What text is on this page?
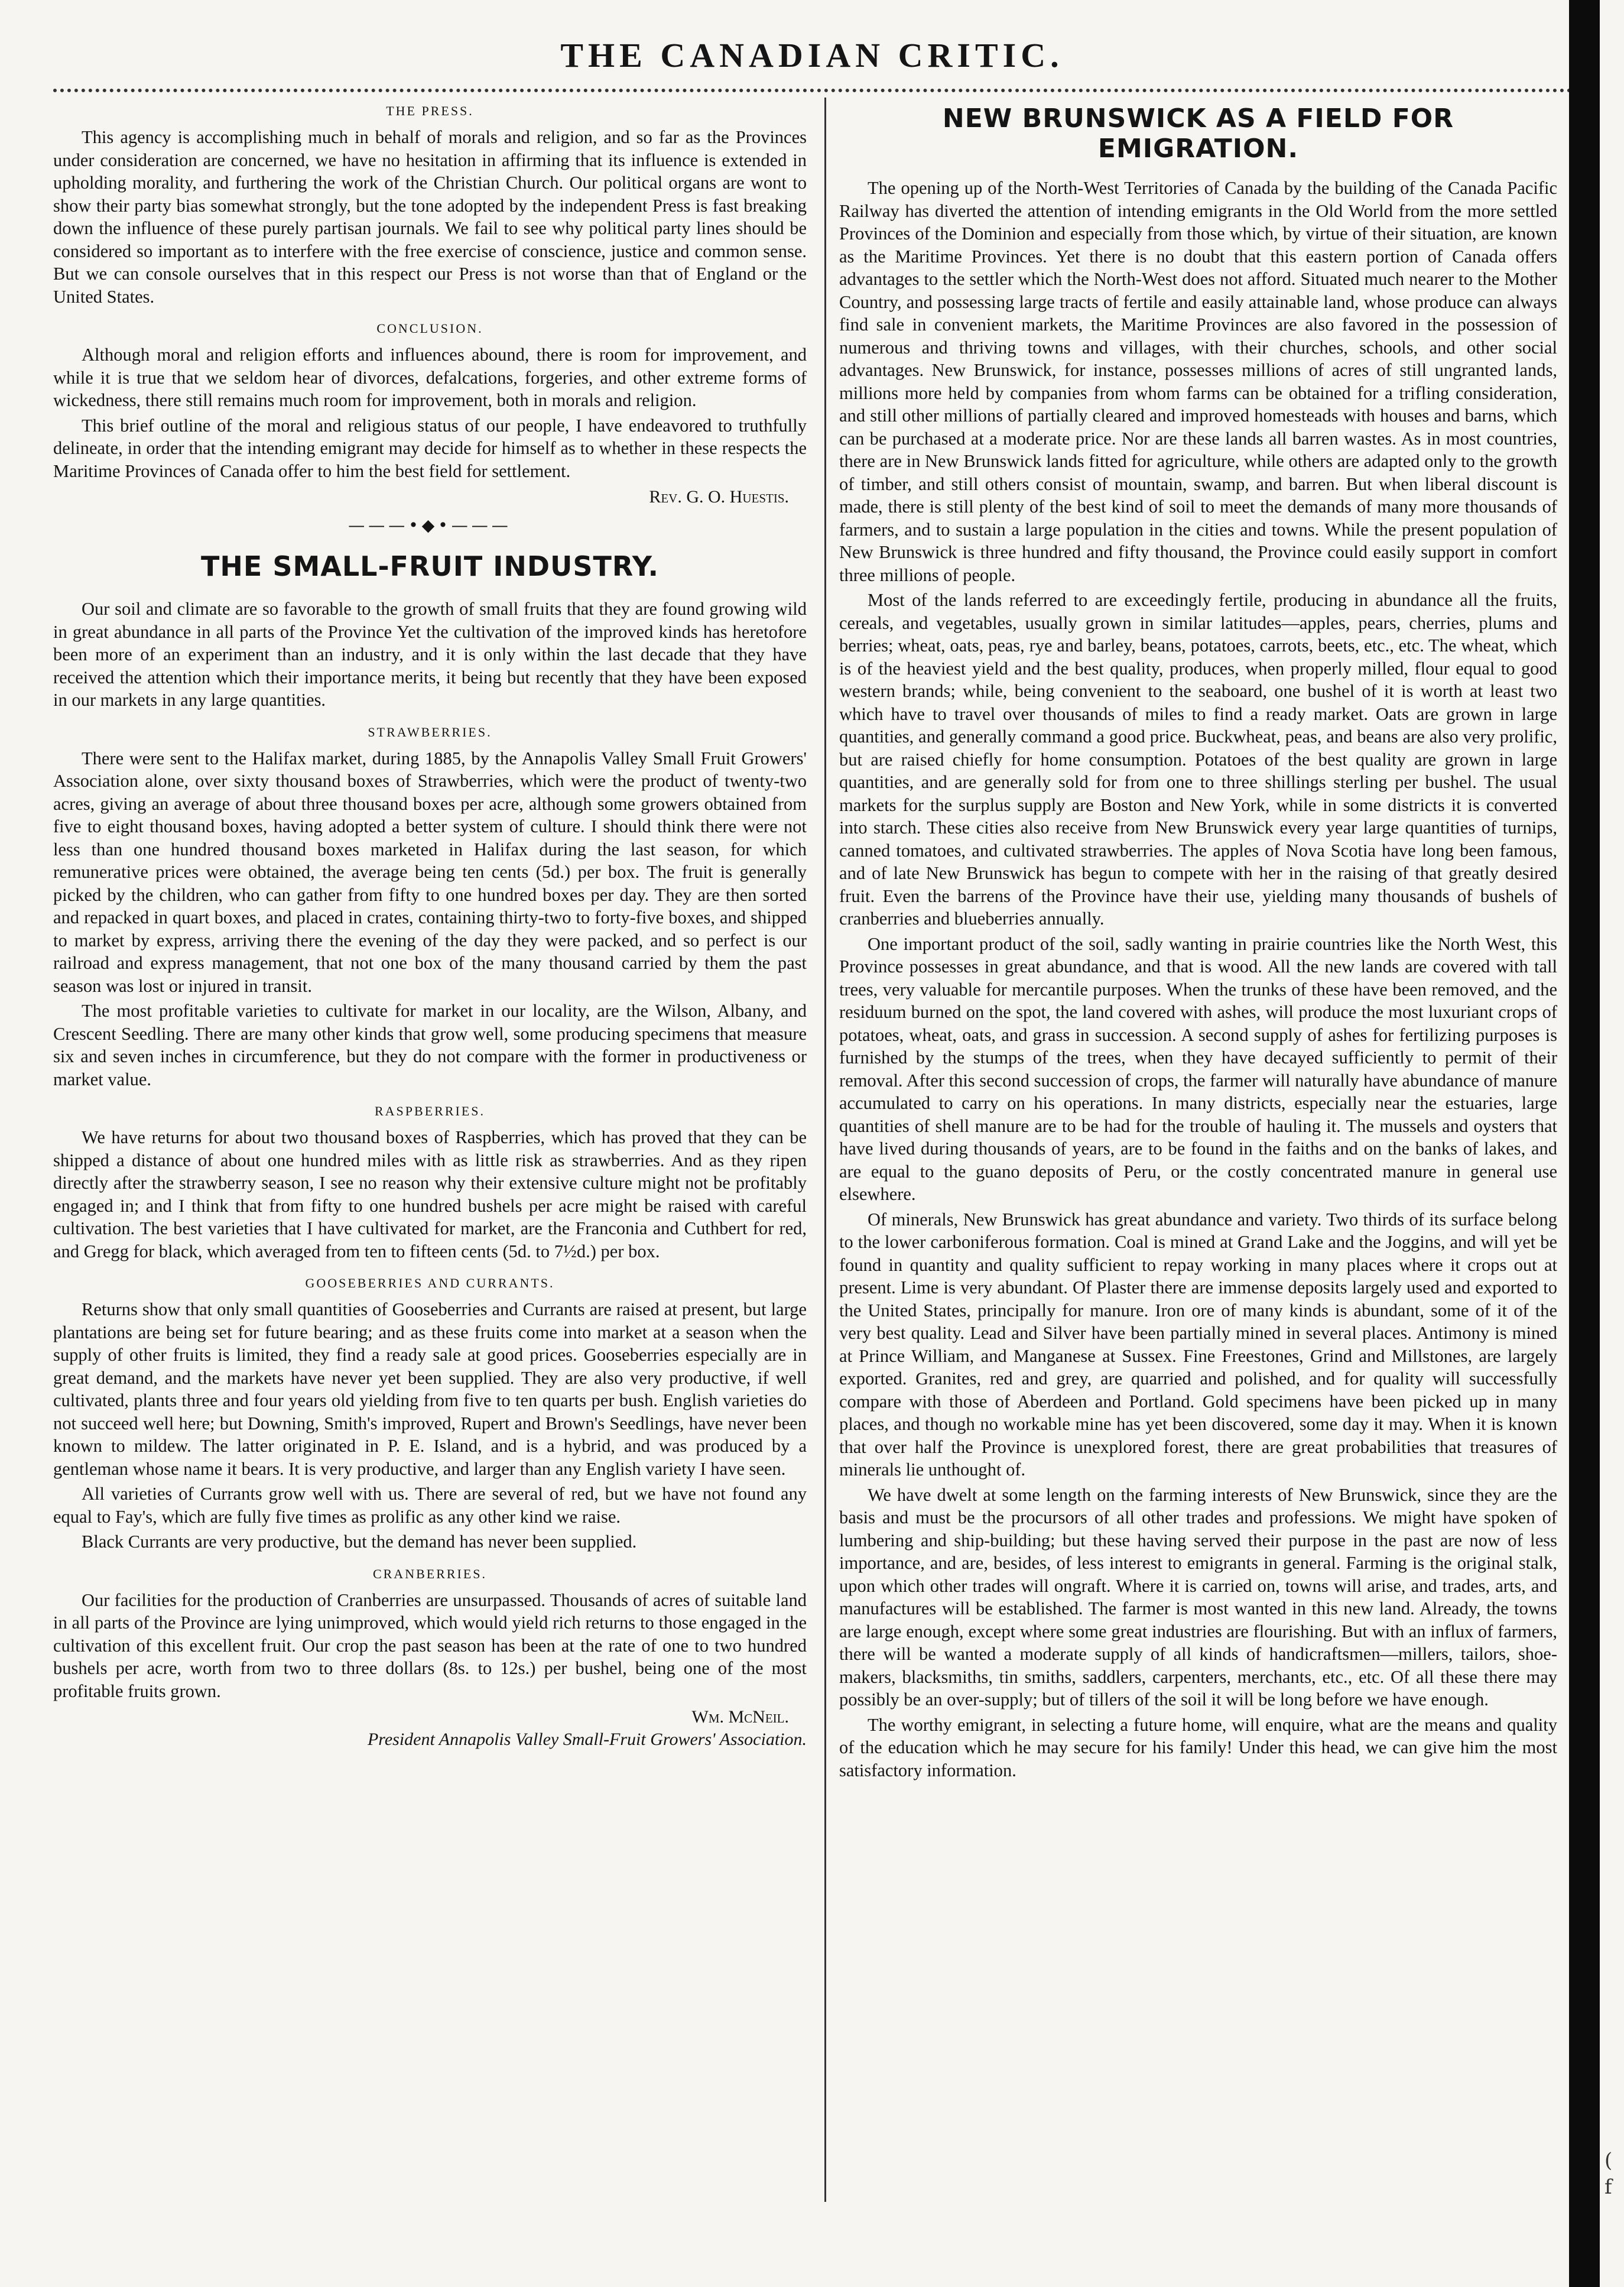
THE CANADIAN CRITIC.
(
f
THE PRESS.

This agency is accomplishing much in behalf of morals and religion, and so far as the Provinces under consideration are concerned, we have no hesitation in affirming that its influence is extended in upholding morality, and furthering the work of the Christian Church. Our political organs are wont to show their party bias somewhat strongly, but the tone adopted by the independent Press is fast breaking down the influence of these purely partisan journals. We fail to see why political party lines should be considered so important as to interfere with the free exercise of conscience, justice and common sense. But we can console ourselves that in this respect our Press is not worse than that of England or the United States.

CONCLUSION.

Although moral and religion efforts and influences abound, there is room for improvement, and while it is true that we seldom hear of divorces, defalcations, forgeries, and other extreme forms of wickedness, there still remains much room for improvement, both in morals and religion.

This brief outline of the moral and religious status of our people, I have endeavored to truthfully delineate, in order that the intending emigrant may decide for himself as to whether in these respects the Maritime Provinces of Canada offer to him the best field for settlement.

Rev. G. O. Huestis.
———•◆•———
THE SMALL-FRUIT INDUSTRY.

Our soil and climate are so favorable to the growth of small fruits that they are found growing wild in great abundance in all parts of the Province Yet the cultivation of the improved kinds has heretofore been more of an experiment than an industry, and it is only within the last decade that they have received the attention which their importance merits, it being but recently that they have been exposed in our markets in any large quantities.

STRAWBERRIES.

There were sent to the Halifax market, during 1885, by the Annapolis Valley Small Fruit Growers' Association alone, over sixty thousand boxes of Strawberries, which were the product of twenty-two acres, giving an average of about three thousand boxes per acre, although some growers obtained from five to eight thousand boxes, having adopted a better system of culture. I should think there were not less than one hundred thousand boxes marketed in Halifax during the last season, for which remunerative prices were obtained, the average being ten cents (5d.) per box. The fruit is generally picked by the children, who can gather from fifty to one hundred boxes per day. They are then sorted and repacked in quart boxes, and placed in crates, containing thirty-two to forty-five boxes, and shipped to market by express, arriving there the evening of the day they were packed, and so perfect is our railroad and express management, that not one box of the many thousand carried by them the past season was lost or injured in transit.

The most profitable varieties to cultivate for market in our locality, are the Wilson, Albany, and Crescent Seedling. There are many other kinds that grow well, some producing specimens that measure six and seven inches in circumference, but they do not compare with the former in productiveness or market value.

RASPBERRIES.

We have returns for about two thousand boxes of Raspberries, which has proved that they can be shipped a distance of about one hundred miles with as little risk as strawberries. And as they ripen directly after the strawberry season, I see no reason why their extensive culture might not be profitably engaged in; and I think that from fifty to one hundred bushels per acre might be raised with careful cultivation. The best varieties that I have cultivated for market, are the Franconia and Cuthbert for red, and Gregg for black, which averaged from ten to fifteen cents (5d. to 7½d.) per box.

GOOSEBERRIES AND CURRANTS.

Returns show that only small quantities of Gooseberries and Currants are raised at present, but large plantations are being set for future bearing; and as these fruits come into market at a season when the supply of other fruits is limited, they find a ready sale at good prices. Gooseberries especially are in great demand, and the markets have never yet been supplied. They are also very productive, if well cultivated, plants three and four years old yielding from five to ten quarts per bush. English varieties do not succeed well here; but Downing, Smith's improved, Rupert and Brown's Seedlings, have never been known to mildew. The latter originated in P. E. Island, and is a hybrid, and was produced by a gentleman whose name it bears. It is very productive, and larger than any English variety I have seen.

All varieties of Currants grow well with us. There are several of red, but we have not found any equal to Fay's, which are fully five times as prolific as any other kind we raise.

Black Currants are very productive, but the demand has never been supplied.

CRANBERRIES.

Our facilities for the production of Cranberries are unsurpassed. Thousands of acres of suitable land in all parts of the Province are lying unimproved, which would yield rich returns to those engaged in the cultivation of this excellent fruit. Our crop the past season has been at the rate of one to two hundred bushels per acre, worth from two to three dollars (8s. to 12s.) per bushel, being one of the most profitable fruits grown.

Wm. McNeil.
President Annapolis Valley Small-Fruit Growers' Association.
NEW BRUNSWICK AS A FIELD FOR EMIGRATION.

The opening up of the North-West Territories of Canada by the building of the Canada Pacific Railway has diverted the attention of intending emigrants in the Old World from the more settled Provinces of the Dominion and especially from those which, by virtue of their situation, are known as the Maritime Provinces. Yet there is no doubt that this eastern portion of Canada offers advantages to the settler which the North-West does not afford. Situated much nearer to the Mother Country, and possessing large tracts of fertile and easily attainable land, whose produce can always find sale in convenient markets, the Maritime Provinces are also favored in the possession of numerous and thriving towns and villages, with their churches, schools, and other social advantages. New Brunswick, for instance, possesses millions of acres of still ungranted lands, millions more held by companies from whom farms can be obtained for a trifling consideration, and still other millions of partially cleared and improved homesteads with houses and barns, which can be purchased at a moderate price. Nor are these lands all barren wastes. As in most countries, there are in New Brunswick lands fitted for agriculture, while others are adapted only to the growth of timber, and still others consist of mountain, swamp, and barren. But when liberal discount is made, there is still plenty of the best kind of soil to meet the demands of many more thousands of farmers, and to sustain a large population in the cities and towns. While the present population of New Brunswick is three hundred and fifty thousand, the Province could easily support in comfort three millions of people.

Most of the lands referred to are exceedingly fertile, producing in abundance all the fruits, cereals, and vegetables, usually grown in similar latitudes—apples, pears, cherries, plums and berries; wheat, oats, peas, rye and barley, beans, potatoes, carrots, beets, etc., etc. The wheat, which is of the heaviest yield and the best quality, produces, when properly milled, flour equal to good western brands; while, being convenient to the seaboard, one bushel of it is worth at least two which have to travel over thousands of miles to find a ready market. Oats are grown in large quantities, and generally command a good price. Buckwheat, peas, and beans are also very prolific, but are raised chiefly for home consumption. Potatoes of the best quality are grown in large quantities, and are generally sold for from one to three shillings sterling per bushel. The usual markets for the surplus supply are Boston and New York, while in some districts it is converted into starch. These cities also receive from New Brunswick every year large quantities of turnips, canned tomatoes, and cultivated strawberries. The apples of Nova Scotia have long been famous, and of late New Brunswick has begun to compete with her in the raising of that greatly desired fruit. Even the barrens of the Province have their use, yielding many thousands of bushels of cranberries and blueberries annually.

One important product of the soil, sadly wanting in prairie countries like the North West, this Province possesses in great abundance, and that is wood. All the new lands are covered with tall trees, very valuable for mercantile purposes. When the trunks of these have been removed, and the residuum burned on the spot, the land covered with ashes, will produce the most luxuriant crops of potatoes, wheat, oats, and grass in succession. A second supply of ashes for fertilizing purposes is furnished by the stumps of the trees, when they have decayed sufficiently to permit of their removal. After this second succession of crops, the farmer will naturally have abundance of manure accumulated to carry on his operations. In many districts, especially near the estuaries, large quantities of shell manure are to be had for the trouble of hauling it. The mussels and oysters that have lived during thousands of years, are to be found in the faiths and on the banks of lakes, and are equal to the guano deposits of Peru, or the costly concentrated manure in general use elsewhere.

Of minerals, New Brunswick has great abundance and variety. Two thirds of its surface belong to the lower carboniferous formation. Coal is mined at Grand Lake and the Joggins, and will yet be found in quantity and quality sufficient to repay working in many places where it crops out at present. Lime is very abundant. Of Plaster there are immense deposits largely used and exported to the United States, principally for manure. Iron ore of many kinds is abundant, some of it of the very best quality. Lead and Silver have been partially mined in several places. Antimony is mined at Prince William, and Manganese at Sussex. Fine Freestones, Grind and Millstones, are largely exported. Granites, red and grey, are quarried and polished, and for quality will successfully compare with those of Aberdeen and Portland. Gold specimens have been picked up in many places, and though no workable mine has yet been discovered, some day it may. When it is known that over half the Province is unexplored forest, there are great probabilities that treasures of minerals lie unthought of.

We have dwelt at some length on the farming interests of New Brunswick, since they are the basis and must be the procursors of all other trades and professions. We might have spoken of lumbering and ship-building; but these having served their purpose in the past are now of less importance, and are, besides, of less interest to emigrants in general. Farming is the original stalk, upon which other trades will ongraft. Where it is carried on, towns will arise, and trades, arts, and manufactures will be established. The farmer is most wanted in this new land. Already, the towns are large enough, except where some great industries are flourishing. But with an influx of farmers, there will be wanted a moderate supply of all kinds of handicraftsmen—millers, tailors, shoe-makers, blacksmiths, tin smiths, saddlers, carpenters, merchants, etc., etc. Of all these there may possibly be an over-supply; but of tillers of the soil it will be long before we have enough.

The worthy emigrant, in selecting a future home, will enquire, what are the means and quality of the education which he may secure for his family! Under this head, we can give him the most satisfactory information.
